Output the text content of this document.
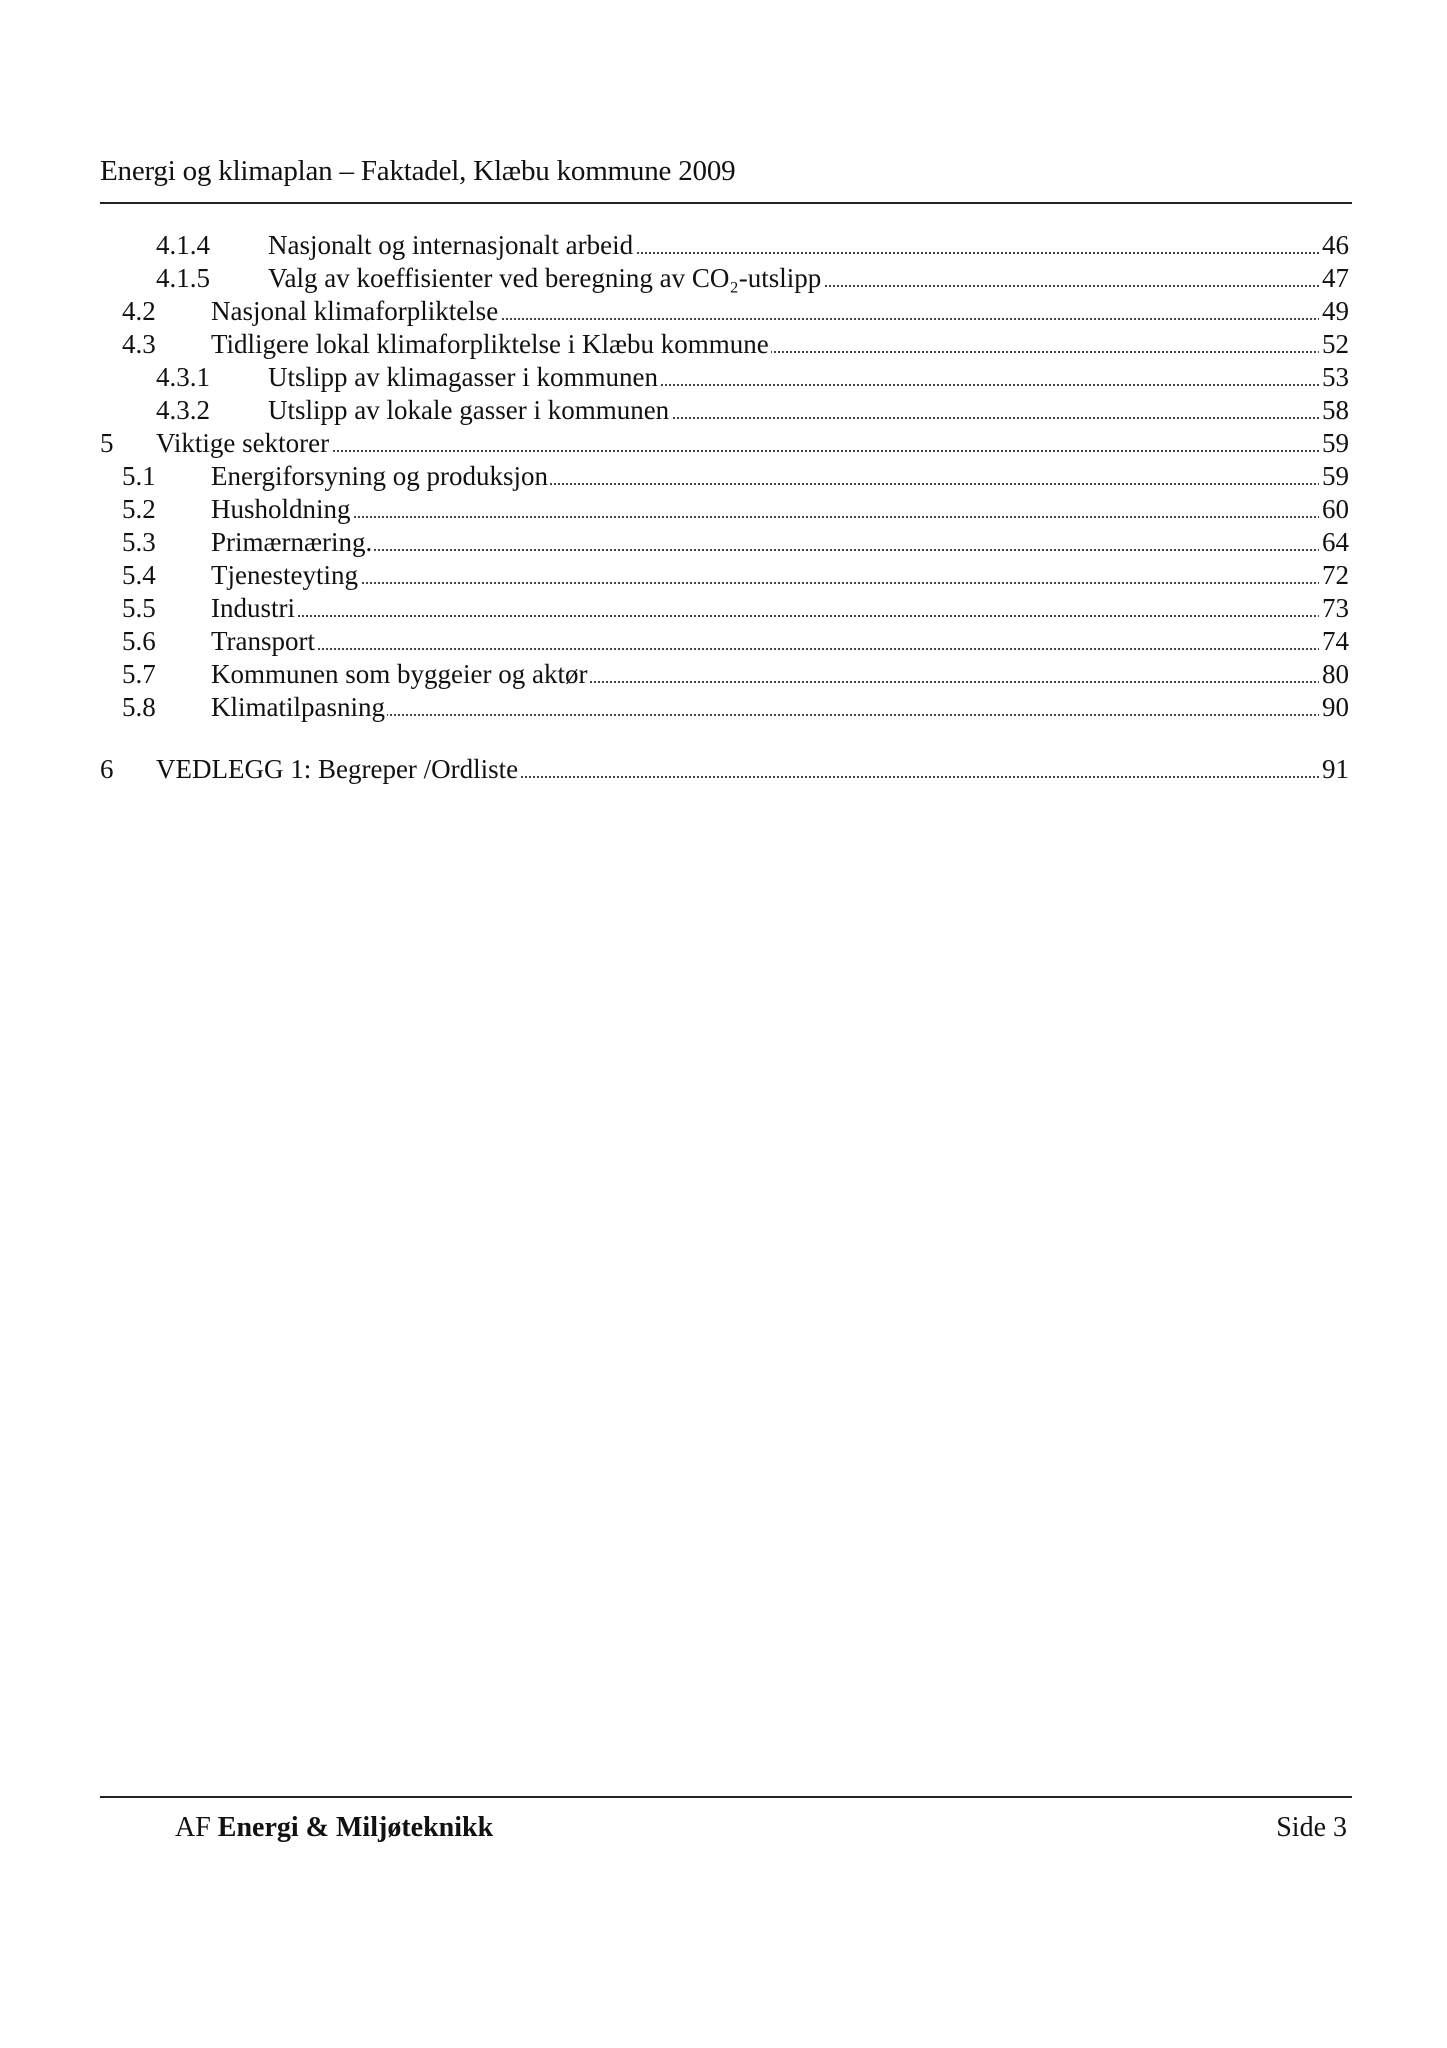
Energi og klimaplan – Faktadel, Klæbu kommune 2009
4.1.4 Nasjonalt og internasjonalt arbeid	46
4.1.5 Valg av koeffisienter ved beregning av CO₂-utslipp	47
4.2 Nasjonal klimaforpliktelse	49
4.3 Tidligere lokal klimaforpliktelse i Klæbu kommune	52
4.3.1 Utslipp av klimagasser i kommunen	53
4.3.2 Utslipp av lokale gasser i kommunen	58
5 Viktige sektorer	59
5.1 Energiforsyning og produksjon	59
5.2 Husholdning	60
5.3 Primærnæring.	64
5.4 Tjenesteyting	72
5.5 Industri	73
5.6 Transport	74
5.7 Kommunen som byggeier og aktør	80
5.8 Klimatilpasning	90
6 VEDLEGG 1: Begreper /Ordliste	91
AF Energi & Miljøteknikk	Side 3
